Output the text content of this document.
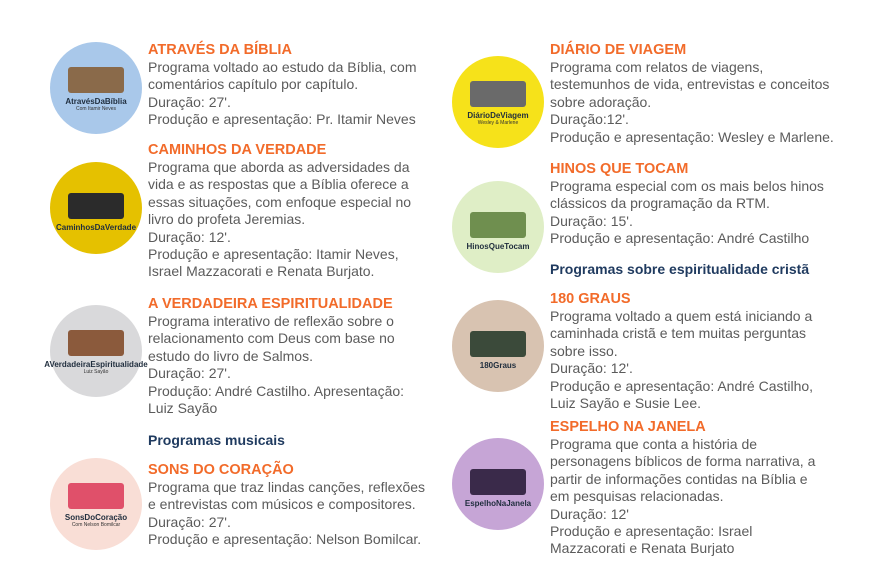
AtravésDaBíblia
Com Itamir Neves
ATRAVÉS DA BÍBLIA
Programa voltado ao estudo da Bíblia, com
comentários capítulo por capítulo.
Duração: 27'.
Produção e apresentação: Pr. Itamir Neves
CaminhosDaVerdade
CAMINHOS DA VERDADE
Programa que aborda as adversidades da
vida e as respostas que a Bíblia oferece a
essas situações, com enfoque especial no
livro do profeta Jeremias.
Duração: 12'.
Produção e apresentação: Itamir Neves,
Israel Mazzacorati e Renata Burjato.
AVerdadeiraEspiritualidade
Luiz Sayão
A VERDADEIRA ESPIRITUALIDADE
Programa interativo de reflexão sobre o
relacionamento com Deus com base no
estudo do livro de Salmos.
Duração: 27'.
Produção: André Castilho. Apresentação:
Luiz Sayão
SonsDoCoração
Com Nelson Bomilcar
SONS DO CORAÇÃO
Programa que traz lindas canções, reflexões
e entrevistas com músicos e compositores.
Duração: 27'.
Produção e apresentação: Nelson Bomilcar.
DiárioDeViagem
Wesley & Marlene
DIÁRIO DE VIAGEM
Programa com relatos de viagens,
testemunhos de vida, entrevistas e conceitos
sobre adoração.
Duração:12'.
Produção e apresentação: Wesley e Marlene.
HinosQueTocam
HINOS QUE TOCAM
Programa especial com os mais belos hinos
clássicos da programação da RTM.
Duração: 15'.
Produção e apresentação: André Castilho
180Graus
180 GRAUS
Programa voltado a quem está iniciando a
caminhada cristã e tem muitas perguntas
sobre isso.
Duração: 12'.
Produção e apresentação: André Castilho,
Luiz Sayão e Susie Lee.
EspelhoNaJanela
ESPELHO NA JANELA
Programa que conta a história de
personagens bíblicos de forma narrativa, a
partir de informações contidas na Bíblia e
em pesquisas relacionadas.
Duração: 12'
Produção e apresentação: Israel
Mazzacorati e Renata Burjato
Programas musicais
Programas sobre espiritualidade cristã
